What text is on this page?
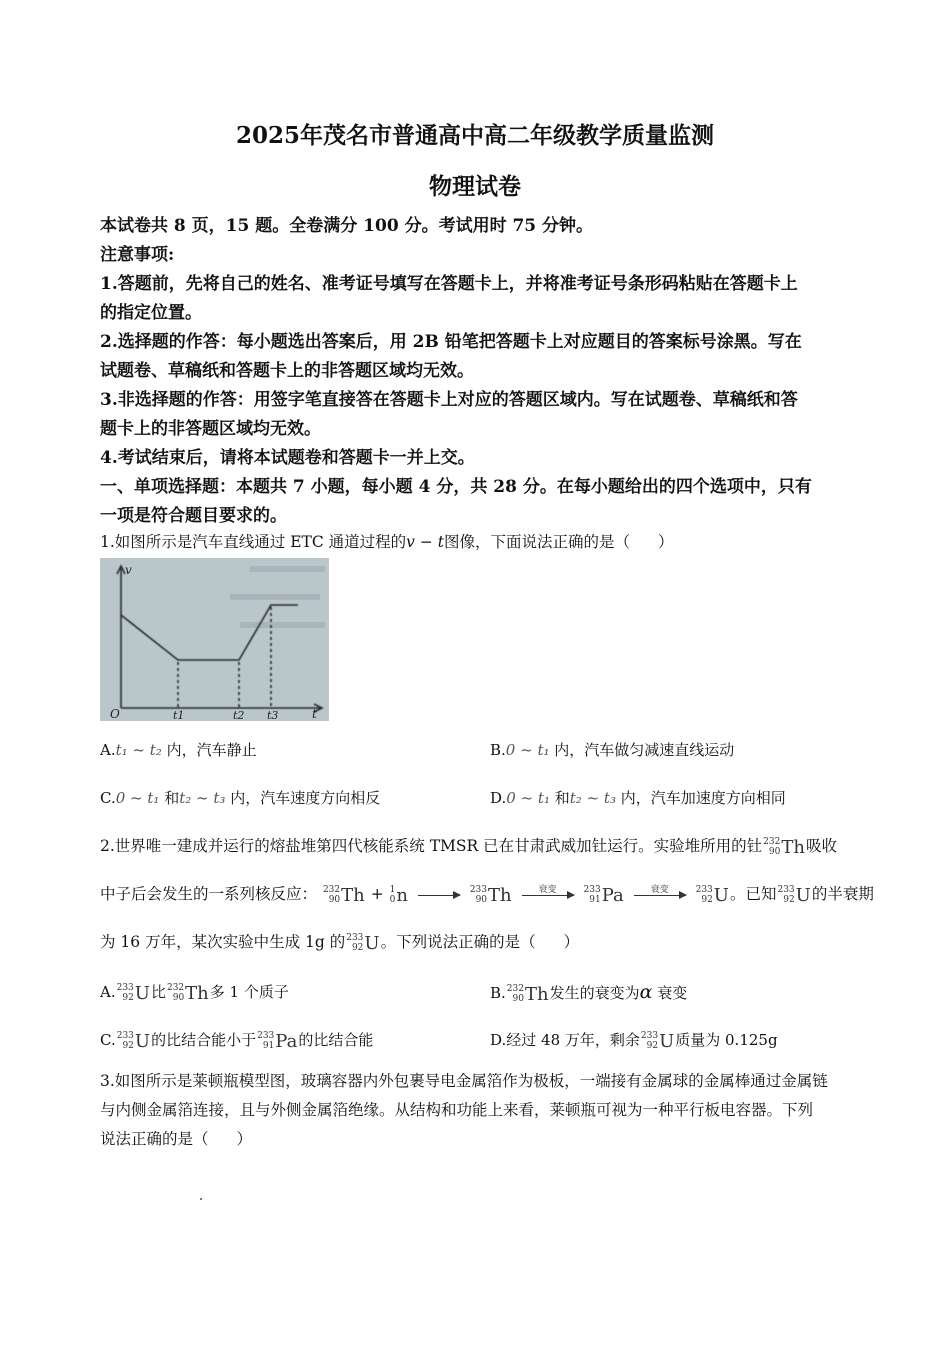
2025年茂名市普通高中高二年级教学质量监测
物理试卷
本试卷共 8 页，15 题。全卷满分 100 分。考试用时 75 分钟。
注意事项:
1.答题前，先将自己的姓名、准考证号填写在答题卡上，并将准考证号条形码粘贴在答题卡上
的指定位置。
2.选择题的作答：每小题选出答案后，用 2B 铅笔把答题卡上对应题目的答案标号涂黑。写在
试题卷、草稿纸和答题卡上的非答题区域均无效。
3.非选择题的作答：用签字笔直接答在答题卡上对应的答题区域内。写在试题卷、草稿纸和答
题卡上的非答题区域均无效。
4.考试结束后，请将本试题卷和答题卡一并上交。
一、单项选择题：本题共 7 小题，每小题 4 分，共 28 分。在每小题给出的四个选项中，只有
一项是符合题目要求的。
1.如图所示是汽车直线通过 ETC 通道过程的v − t图像，下面说法正确的是（ ）
v
t
O	t1	t2 t3
A.t₁ ~ t₂ 内，汽车静止	B.0 ~ t₁ 内，汽车做匀减速直线运动
C.0 ~ t₁ 和t₂ ~ t₃ 内，汽车速度方向相反	D.0 ~ t₁ 和t₂ ~ t₃ 内，汽车加速度方向相同
2.世界唯一建成并运行的熔盐堆第四代核能系统 TMSR 已在甘肃武威加钍运行。实验堆所用的钍 232
90 Th吸收
中子后会发生的一系列核反应： 232
90 Th + 1
0 n

→ 233
90 Th	衰变

	233
91 Pa	衰变

	233
92 U。已知 233
92 U的半衰期
为 16 万年，某次实验中生成 1g 的 233
92 U。下列说法正确的是（ ）
A. 233
92 U比 232
90 Th多 1 个质子	B. 232
90 Th发生的衰变为α 衰变
C. 233
92 U的比结合能小于 233
91 Pa的比结合能	D.经过 48 万年，剩余 233
92 U质量为 0.125g
3.如图所示是莱顿瓶模型图，玻璃容器内外包裹导电金属箔作为极板，一端接有金属球的金属棒通过金属链
与内侧金属箔连接，且与外侧金属箔绝缘。从结构和功能上来看，莱顿瓶可视为一种平行板电容器。下列
说法正确的是（ ）
